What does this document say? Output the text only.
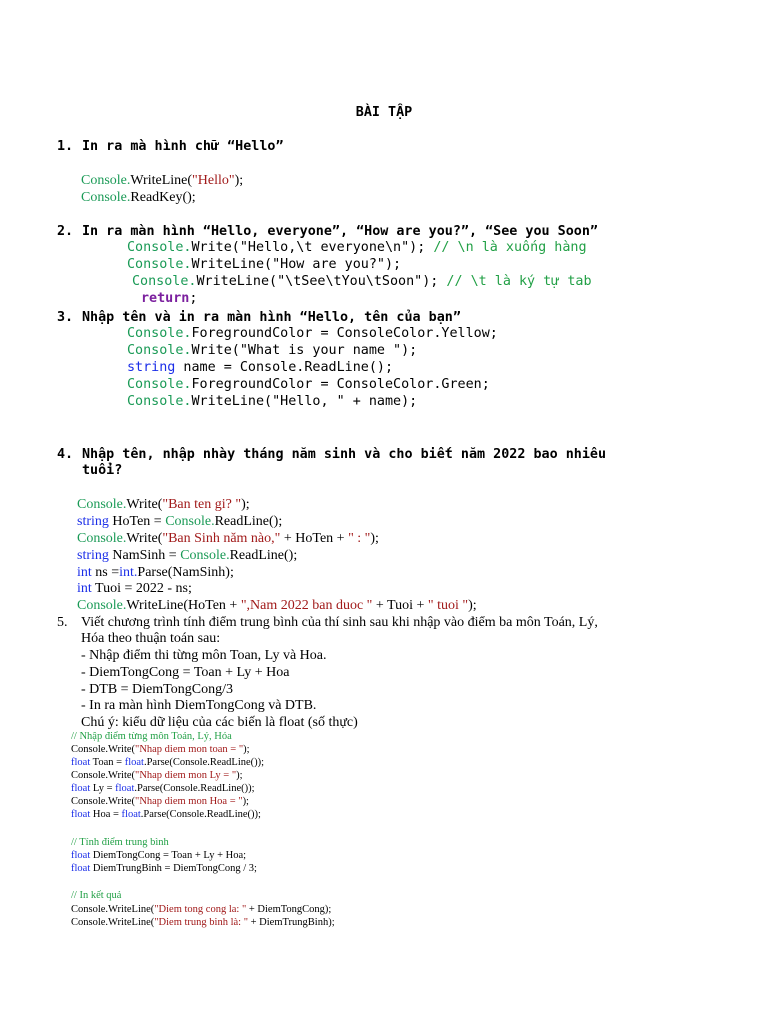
BÀI TẬP
1. In ra mà hình chữ “Hello”
Console.WriteLine("Hello");
Console.ReadKey();
2. In ra màn hình “Hello, everyone”, “How are you?”, “See you Soon”
Console.Write("Hello,\t everyone\n"); // \n là xuống hàng
Console.WriteLine("How are you?");
Console.WriteLine("\tSee\tYou\tSoon"); // \t là ký tự tab
return;
3. Nhập tên và in ra màn hình “Hello, tên của bạn”
Console.ForegroundColor = ConsoleColor.Yellow;
Console.Write("What is your name ");
string name = Console.ReadLine();
Console.ForegroundColor = ConsoleColor.Green;
Console.WriteLine("Hello, " + name);
4. Nhập tên, nhập nhày tháng năm sinh và cho biết năm 2022 bao nhiêu
tuổi?
Console.Write("Ban ten gi? ");
string HoTen = Console.ReadLine();
Console.Write("Ban Sinh năm nào," + HoTen + " : ");
string NamSinh = Console.ReadLine();
int ns =int.Parse(NamSinh);
int Tuoi = 2022 - ns;
Console.WriteLine(HoTen + ",Nam 2022 ban duoc " + Tuoi + " tuoi ");
5. Viết chương trình tính điểm trung bình của thí sinh sau khi nhập vào điểm ba môn Toán, Lý,
Hóa theo thuận toán sau:
- Nhập điểm thi từng môn Toan, Ly và Hoa.
- DiemTongCong = Toan + Ly + Hoa
- DTB = DiemTongCong/3
- In ra màn hình DiemTongCong và DTB.
Chú ý: kiểu dữ liệu của các biến là float (số thực)
// Nhập điểm từng môn Toán, Lý, Hóa
Console.Write("Nhap diem mon toan = ");
float Toan = float.Parse(Console.ReadLine());
Console.Write("Nhap diem mon Ly = ");
float Ly = float.Parse(Console.ReadLine());
Console.Write("Nhap diem mon Hoa = ");
float Hoa = float.Parse(Console.ReadLine());
// Tính điểm trung bình
float DiemTongCong = Toan + Ly + Hoa;
float DiemTrungBinh = DiemTongCong / 3;
// In kết quả
Console.WriteLine("Diem tong cong la: " + DiemTongCong);
Console.WriteLine("Diem trung binh là: " + DiemTrungBinh);
